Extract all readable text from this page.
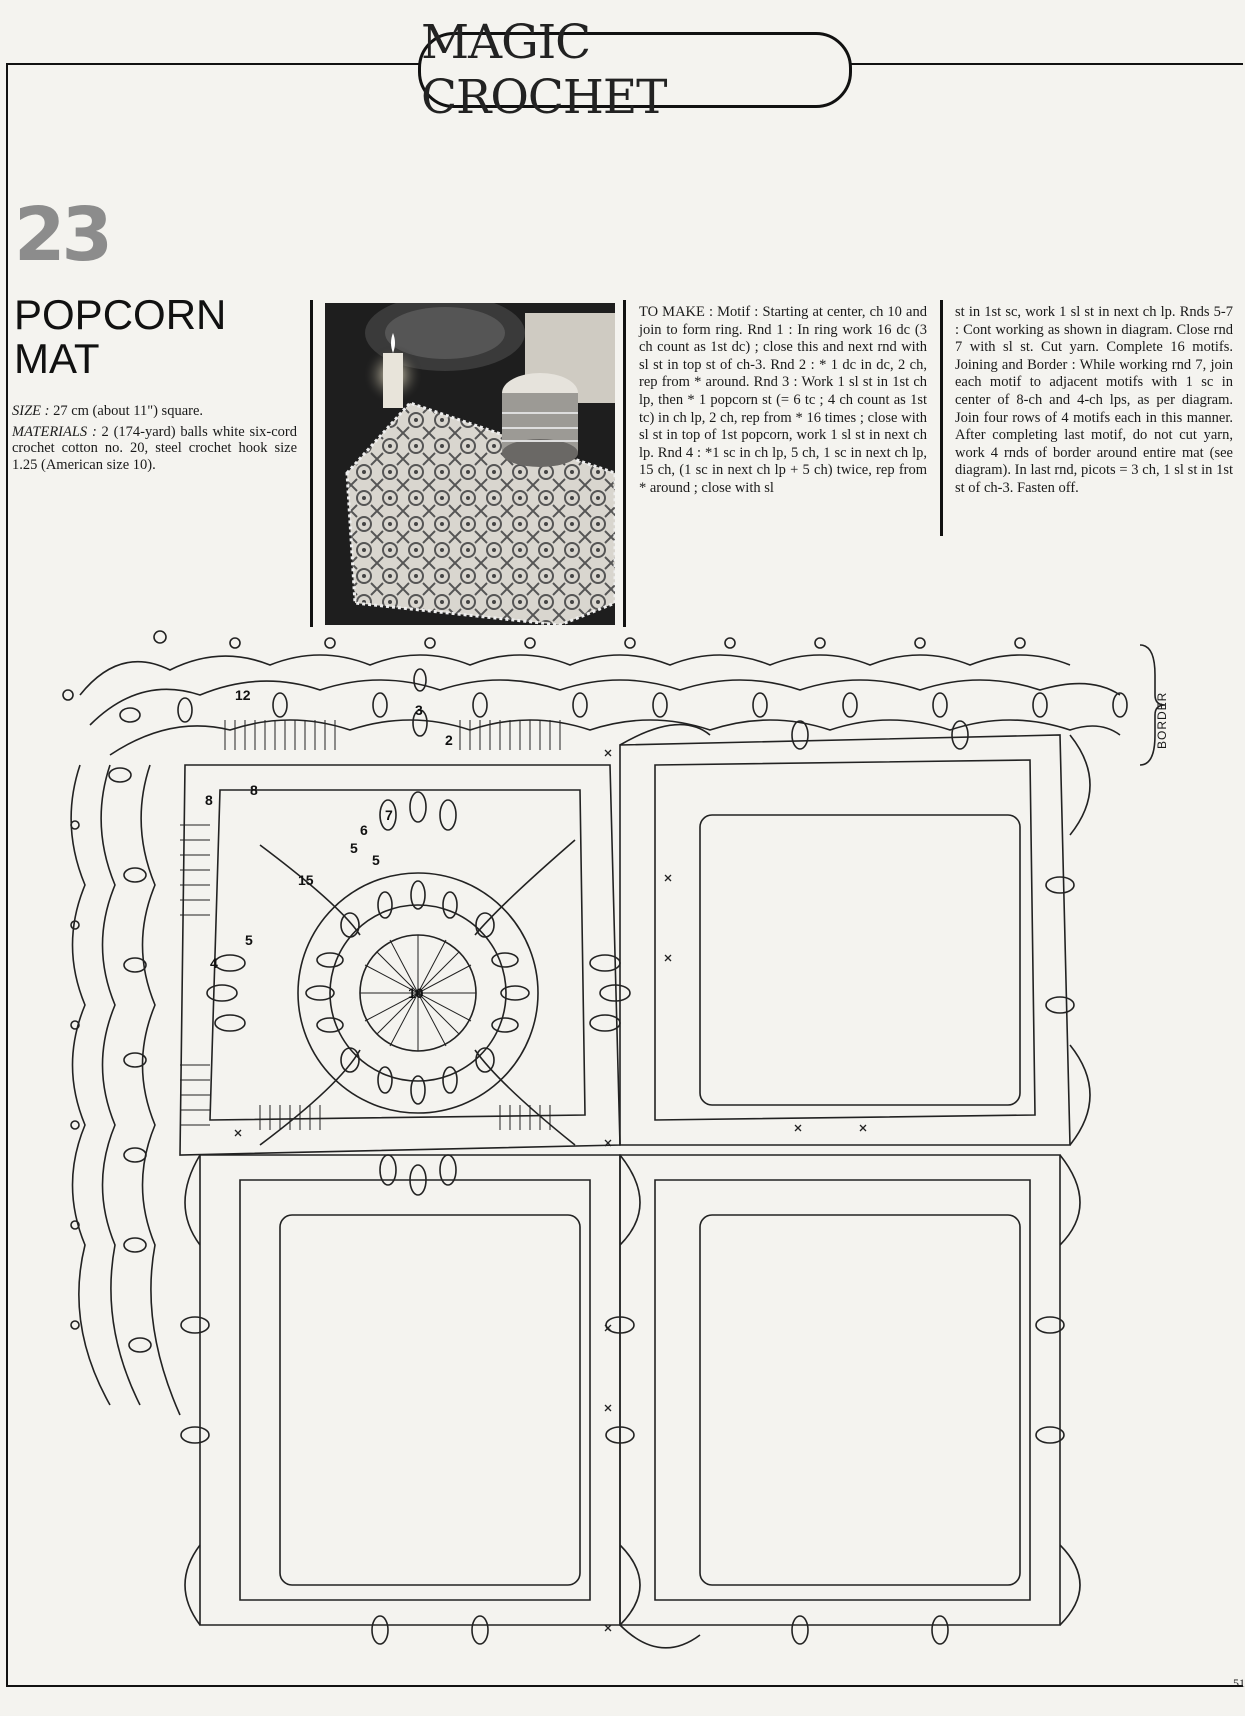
MAGIC CROCHET
23
POPCORN
MAT

SIZE : 27 cm (about 11") square.

MATERIALS : 2 (174-yard) balls white six-cord crochet cotton no. 20, steel crochet hook size 1.25 (American size 10).

TO MAKE : Motif : Starting at center, ch 10 and join to form ring. Rnd 1 : In ring work 16 dc (3 ch count as 1st dc) ; close this and next rnd with sl st in top st of ch-3. Rnd 2 : * 1 dc in dc, 2 ch, rep from * around. Rnd 3 : Work 1 sl st in 1st ch lp, then * 1 popcorn st (= 6 tc ; 4 ch count as 1st tc) in ch lp, 2 ch, rep from * 16 times ; close with sl st in top of 1st popcorn, work 1 sl st in next ch lp. Rnd 4 : *1 sc in ch lp, 5 ch, 1 sc in next ch lp, 15 ch, (1 sc in next ch lp + 5 ch) twice, rep from * around ; close with sl
st in 1st sc, work 1 sl st in next ch lp. Rnds 5-7 : Cont working as shown in diagram. Close rnd 7 with sl st. Cut yarn. Complete 16 motifs. Joining and Border : While working rnd 7, join each motif to adjacent motifs with 1 sc in center of 8-ch and 4-ch lps, as per diagram. Join four rows of 4 motifs each in this manner. After completing last motif, do not cut yarn, work 4 rnds of border around entire mat (see diagram). In last rnd, picots = 3 ch, 1 sl st in 1st st of ch-3. Fasten off.
12
3
2
8
8
7
6
5
5
15
5
4
10
BORDER
51
